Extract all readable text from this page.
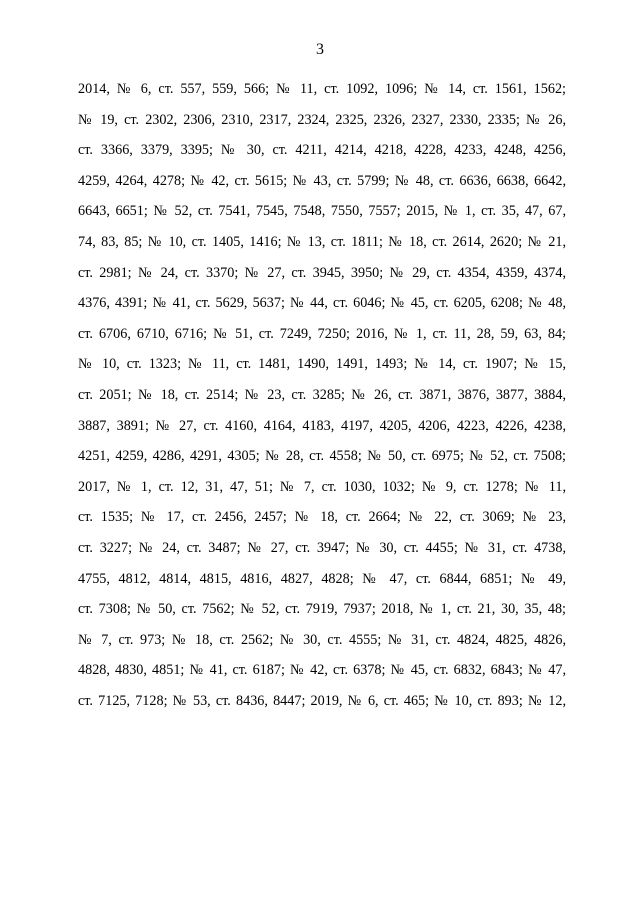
3
2014, № 6, ст. 557, 559, 566; № 11, ст. 1092, 1096; № 14, ст. 1561, 1562;
№ 19, ст. 2302, 2306, 2310, 2317, 2324, 2325, 2326, 2327, 2330, 2335; № 26,
ст. 3366, 3379, 3395; № 30, ст. 4211, 4214, 4218, 4228, 4233, 4248, 4256,
4259, 4264, 4278; № 42, ст. 5615; № 43, ст. 5799; № 48, ст. 6636, 6638, 6642,
6643, 6651; № 52, ст. 7541, 7545, 7548, 7550, 7557; 2015, № 1, ст. 35, 47, 67,
74, 83, 85; № 10, ст. 1405, 1416; № 13, ст. 1811; № 18, ст. 2614, 2620; № 21,
ст. 2981; № 24, ст. 3370; № 27, ст. 3945, 3950; № 29, ст. 4354, 4359, 4374,
4376, 4391; № 41, ст. 5629, 5637; № 44, ст. 6046; № 45, ст. 6205, 6208; № 48,
ст. 6706, 6710, 6716; № 51, ст. 7249, 7250; 2016, № 1, ст. 11, 28, 59, 63, 84;
№ 10, ст. 1323; № 11, ст. 1481, 1490, 1491, 1493; № 14, ст. 1907; № 15,
ст. 2051; № 18, ст. 2514; № 23, ст. 3285; № 26, ст. 3871, 3876, 3877, 3884,
3887, 3891; № 27, ст. 4160, 4164, 4183, 4197, 4205, 4206, 4223, 4226, 4238,
4251, 4259, 4286, 4291, 4305; № 28, ст. 4558; № 50, ст. 6975; № 52, ст. 7508;
2017, № 1, ст. 12, 31, 47, 51; № 7, ст. 1030, 1032; № 9, ст. 1278; № 11,
ст. 1535; № 17, ст. 2456, 2457; № 18, ст. 2664; № 22, ст. 3069; № 23,
ст. 3227; № 24, ст. 3487; № 27, ст. 3947; № 30, ст. 4455; № 31, ст. 4738,
4755, 4812, 4814, 4815, 4816, 4827, 4828; № 47, ст. 6844, 6851; № 49,
ст. 7308; № 50, ст. 7562; № 52, ст. 7919, 7937; 2018, № 1, ст. 21, 30, 35, 48;
№ 7, ст. 973; № 18, ст. 2562; № 30, ст. 4555; № 31, ст. 4824, 4825, 4826,
4828, 4830, 4851; № 41, ст. 6187; № 42, ст. 6378; № 45, ст. 6832, 6843; № 47,
ст. 7125, 7128; № 53, ст. 8436, 8447; 2019, № 6, ст. 465; № 10, ст. 893; № 12,
